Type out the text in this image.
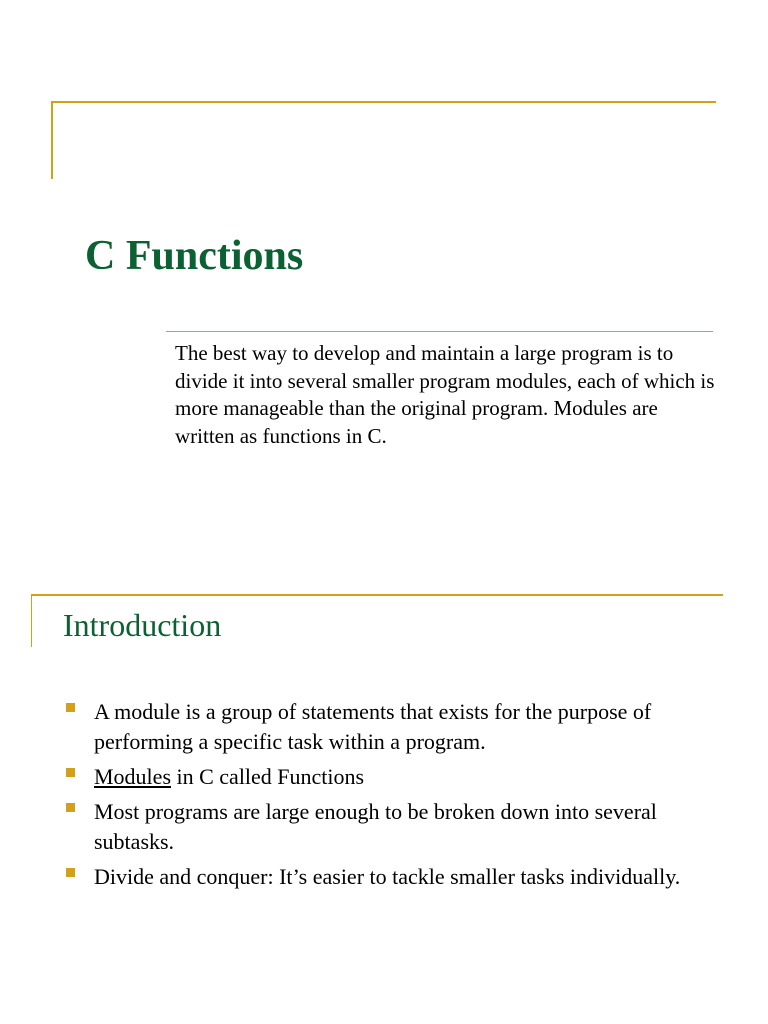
C Functions

The best way to develop and maintain a large program is to divide it into several smaller program modules, each of which is more manageable than the original program. Modules are written as functions in C.

Introduction
A module is a group of statements that exists for the purpose of performing a specific task within a program.
Modules in C called Functions
Most programs are large enough to be broken down into several subtasks.
Divide and conquer: It’s easier to tackle smaller tasks individually.
